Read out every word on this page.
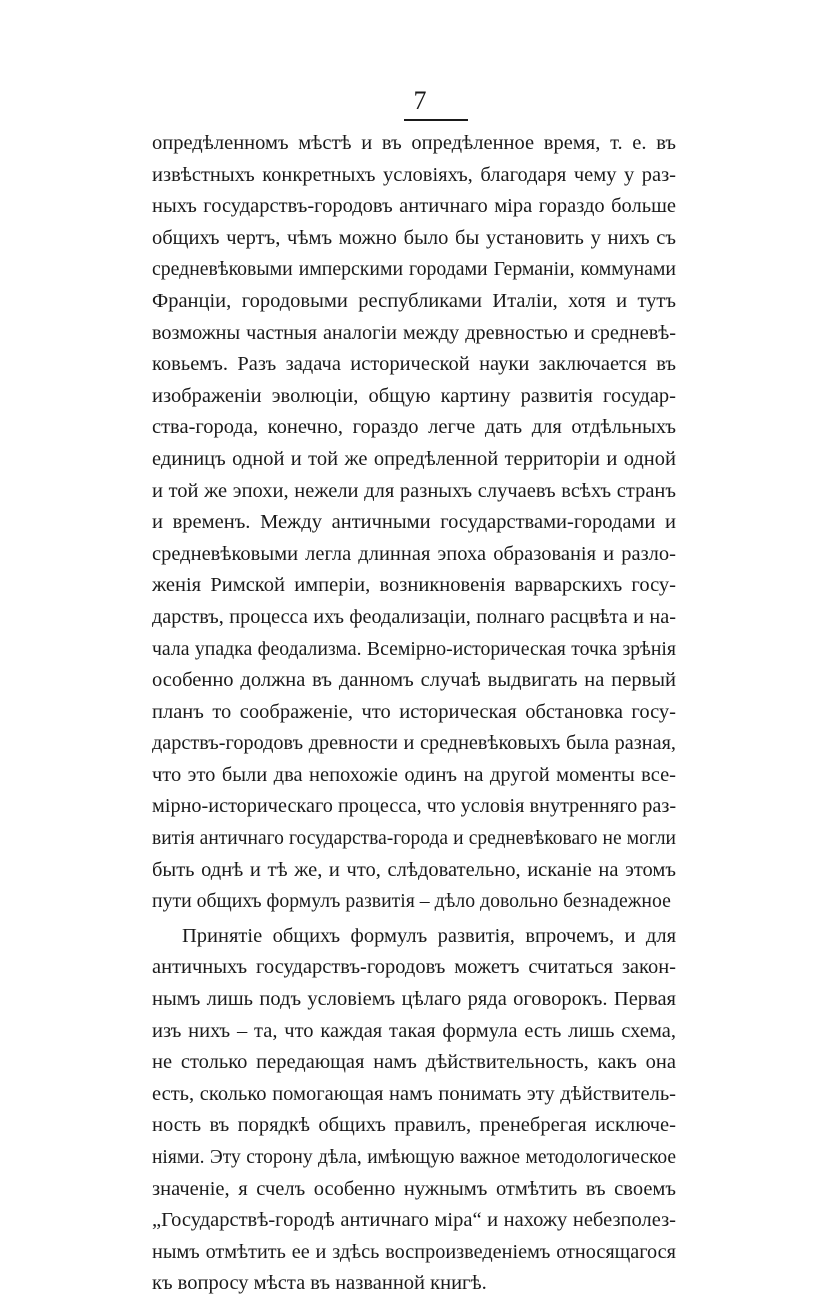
7
опредѣленномъ мѣстѣ и въ опредѣленное время, т. е. въ
извѣстныхъ конкретныхъ условіяхъ, благодаря чему у раз-
ныхъ государствъ-городовъ античнаго міра гораздо больше
общихъ чертъ, чѣмъ можно было бы установить у нихъ съ
средневѣковыми имперскими городами Германіи, коммунами
Франціи, городовыми республиками Италіи, хотя и тутъ
возможны частныя аналогіи между древностью и средневѣ-
ковьемъ. Разъ задача исторической науки заключается въ
изображеніи эволюціи, общую картину развитія государ-
ства-города, конечно, гораздо легче дать для отдѣльныхъ
единицъ одной и той же опредѣленной территоріи и одной
и той же эпохи, нежели для разныхъ случаевъ всѣхъ странъ
и временъ. Между античными государствами-городами и
средневѣковыми легла длинная эпоха образованія и разло-
женія Римской имперіи, возникновенія варварскихъ госу-
дарствъ, процесса ихъ феодализаціи, полнаго расцвѣта и на-
чала упадка феодализма. Всемірно-историческая точка зрѣнія
особенно должна въ данномъ случаѣ выдвигать на первый
планъ то соображеніе, что историческая обстановка госу-
дарствъ-городовъ древности и средневѣковыхъ была разная,
что это были два непохожіе одинъ на другой моменты все-
мірно-историческаго процесса, что условія внутренняго раз-
витія античнаго государства-города и средневѣковаго не могли
быть однѣ и тѣ же, и что, слѣдовательно, исканіе на этомъ
пути общихъ формулъ развитія – дѣло довольно безнадежное
Принятіе общихъ формулъ развитія, впрочемъ, и для
античныхъ государствъ-городовъ можетъ считаться закон-
нымъ лишь подъ условіемъ цѣлаго ряда оговорокъ. Первая
изъ нихъ – та, что каждая такая формула есть лишь схема,
не столько передающая намъ дѣйствительность, какъ она
есть, сколько помогающая намъ понимать эту дѣйствитель-
ность въ порядкѣ общихъ правилъ, пренебрегая исключе-
ніями. Эту сторону дѣла, имѣющую важное методологическое
значеніе, я счелъ особенно нужнымъ отмѣтить въ своемъ
„Государствѣ-городѣ античнаго міра“ и нахожу небезполез-
нымъ отмѣтить ее и здѣсь воспроизведеніемъ относящагося
къ вопросу мѣста въ названной книгѣ.
